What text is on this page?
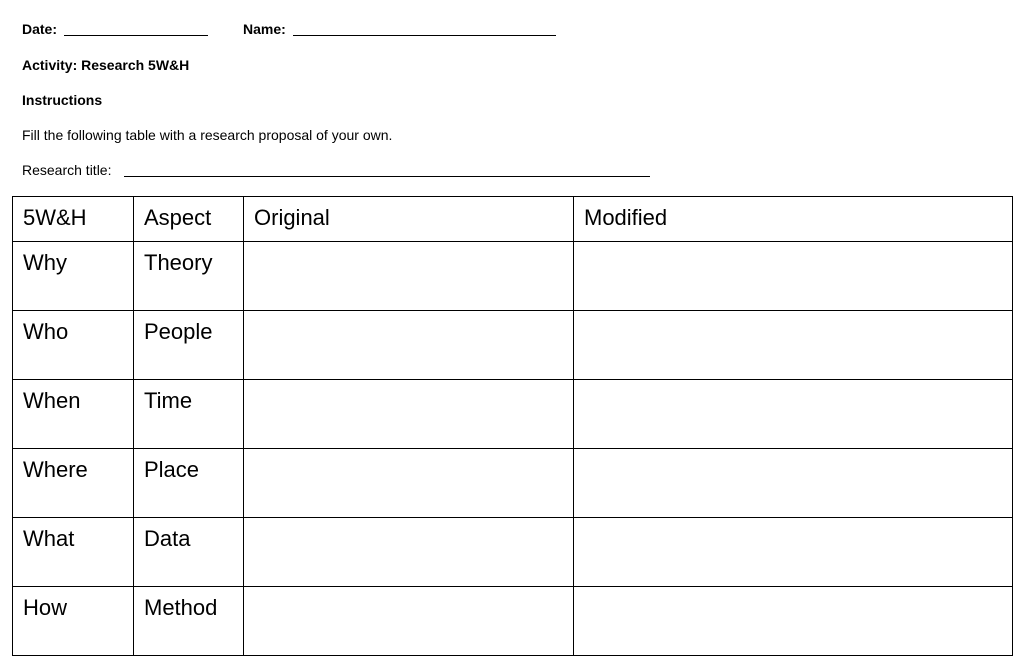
Date:	Name:
Activity: Research 5W&H
Instructions
Fill the following table with a research proposal of your own.
Research title:
5W&H	Aspect	Original	Modified
Why	Theory		
Who	People		
When	Time		
Where	Place		
What	Data		
How	Method		
